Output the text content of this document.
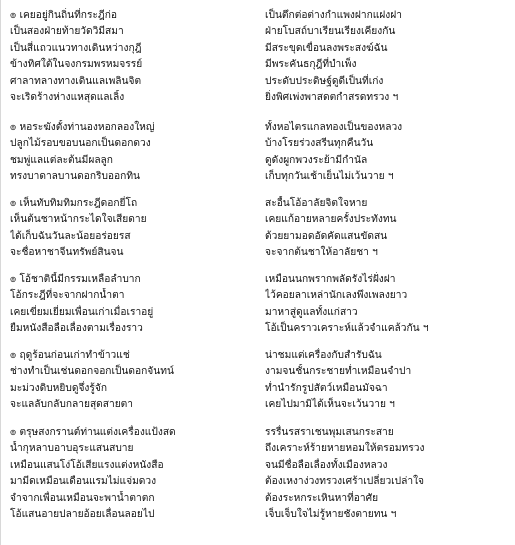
๏ เคยอยู่กินถิ่นที่กระฎีก่อ	เป็นตึกต่อต่างกำแพงฝากแฝงฝา
เป็นสองฝ่ายท้ายวัดวิมีสมา	ฝ่ายโบสถ์บาเรียนเรียงเคียงกัน
เป็นสี่แถวแนวทางเดินหว่างกุฎี	มีสระขุดเขื่อนลงพระสงฆ์ฉัน
ข้างทิศใต้ในจงกรมพรหมจรรย์	มีพระคันธกุฎีที่บำเพ็ง
ศาลาทลางทางเดินแลเพลินจิต	ประดับประดิษฐ์ดูดีเป็นที่เก่ง
จะเริดร้างห่างแหสุดแลเลิ้ง	ยิ่งพิศเพ่งพาสดตกำสรดทรวง ฯ
๏ หอระฆังตั้งท่านองหอกลองใหญ่	ทั้งหอไตรแกลทองเป็นของหลวง
ปลูกไม้รอบขอบนอกเป็นดอกดวง	บ้างโรยร่วงสรีนทุกคืนวัน
ชมพู่แลแต่ละต้นมีผลลูก	ดูดังผูกพวงระย้ามีกำนัล
ทรงบาดาลบานดอกริบออกทิน	เก็บทุกวันเช้าเย็นไม่เว้นวาย ฯ
๏ เห็นทับทิมทิมกระฎีดอกยี่โถ	สะอื้นโอ้อาลัยจิตใจหาย
เห็นต้นชาหน้ากระไดใจเสียดาย	เคยแก้อายหลายครั้งประทังทน
ได้เก็บฉันวันละน้อยอร่อยรส	ด้วยยามอดอัดคัดแสนขัดสน
จะชื่อหาชาจีนทรัพย์สินจน	จะจากต้นชาให้อาลัยชา ฯ
๏ โอ้ชาตินี้มีกรรมเหลือลำบาก	เหมือนนกพรากพลัดรังไร่ฝั่งฝา
โอ้กระฎีที่จะจากฝากน้ำตา	ไว้คอยลาเหล่านักเลงพึงเพลงยาว
เคยเขี่ยมเยี่ยมเพื่อนเก่าเมื่อเราอยู่	มาหาสู่ดูแลทั้งแก่สาว
ยืมหนังสือลือเลื่องตามเรื่องราว	โอ้เป็นคราวเคราะห์แล้วจำแคล้วกัน ฯ
๏ ฤดูร้อนก่อนเก่าทำข้าวแช่	น่าชมแต่เครื่องกับสำรับฉัน
ช่างทำเป็นเช่นดอกจอกเป็นดอกจันทน์	งามจนชั้นกระชายท่ำเหมือนจำปา
มะม่วงดิบหยิบดูจึ่งรู้จัก	ท่ำนำรักรูปสัตว์เหมือนมัจฉา
จะแลลับกลับกลายสุดสายตา	เคยไปมามิได้เห็นจะเว้นวาย ฯ
๏ ตรุษสงกรานต์ท่านแต่งเครื่องแป้งสด	รรรื่นรสราเชนพุมเสนกระสาย
น้ำกุหลาบอาบอุระแสนสบาย	ถึงเคราะห์ร้ายหายหอมให้ตรอมทรวง
เหมือนแสนโง่โอ้เสียแรงแต่งหนังสือ	จนมีชื่อลือเลื่องทั้งเมืองหลวง
มามีดเหมือนเดือนแรมไม่แจ่มดวง	ต้องเหงาง่วงทรวงเศร้าเปลี่ยวเปล่าใจ
จำจากเพื่อนเหมือนจะพาน้ำตาตก	ต้องระหกระเหินหาที่อาศัย
โอ้แสนอายปลายอ้อยเลื่อนลอยไป	เจ็บเจ็บใจไม่รู้หายชังตายทน ฯ
